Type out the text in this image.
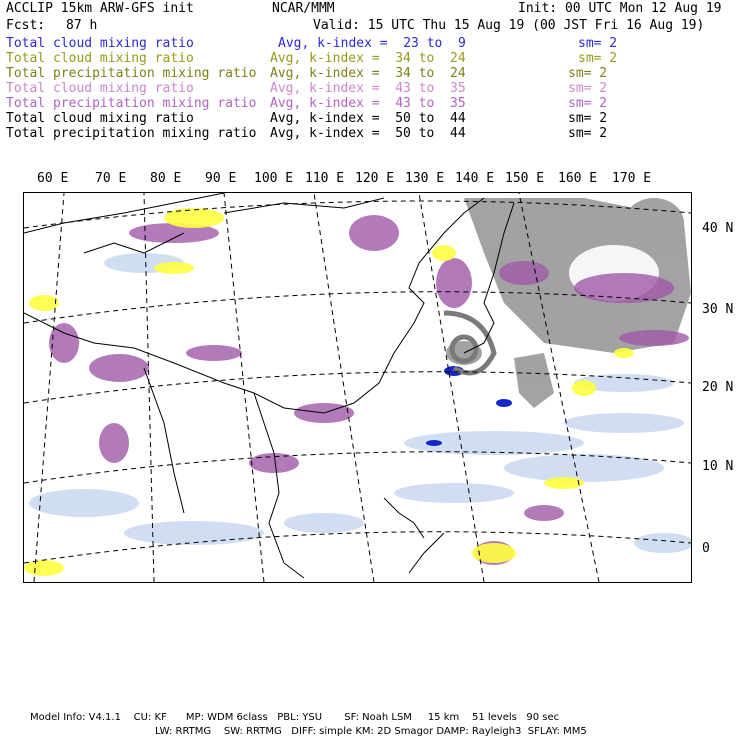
ACCLIP 15km ARW-GFS init	NCAR/MMM	Init: 00 UTC Mon 12 Aug 19
Fcst: 87 h	Valid: 15 UTC Thu 15 Aug 19 (00 JST Fri 16 Aug 19)
Total cloud mixing ratio	Avg, k-index =  23 to  9	sm= 2
Total cloud mixing ratio	Avg, k-index =  34 to  24	sm= 2
Total precipitation mixing ratio Avg, k-index =  34 to  24	sm= 2
Total cloud mixing ratio	Avg, k-index =  43 to  35	sm= 2
Total precipitation mixing ratio Avg, k-index =  43 to  35	sm= 2
Total cloud mixing ratio	Avg, k-index =  50 to  44	sm= 2
Total precipitation mixing ratio Avg, k-index =  50 to  44	sm= 2
60 E 70 E 80 E 90 E 100 E 110 E 120 E 130 E 140 E 150 E 160 E 170 E
40 N
30 N
20 N
10 N
0
Model Info: V4.1.1    CU: KF      MP: WDM 6class   PBL: YSU       SF: Noah LSM     15 km    51 levels   90 sec
LW: RRTMG    SW: RRTMG   DIFF: simple KM: 2D Smagor DAMP: Rayleigh3  SFLAY: MM5
